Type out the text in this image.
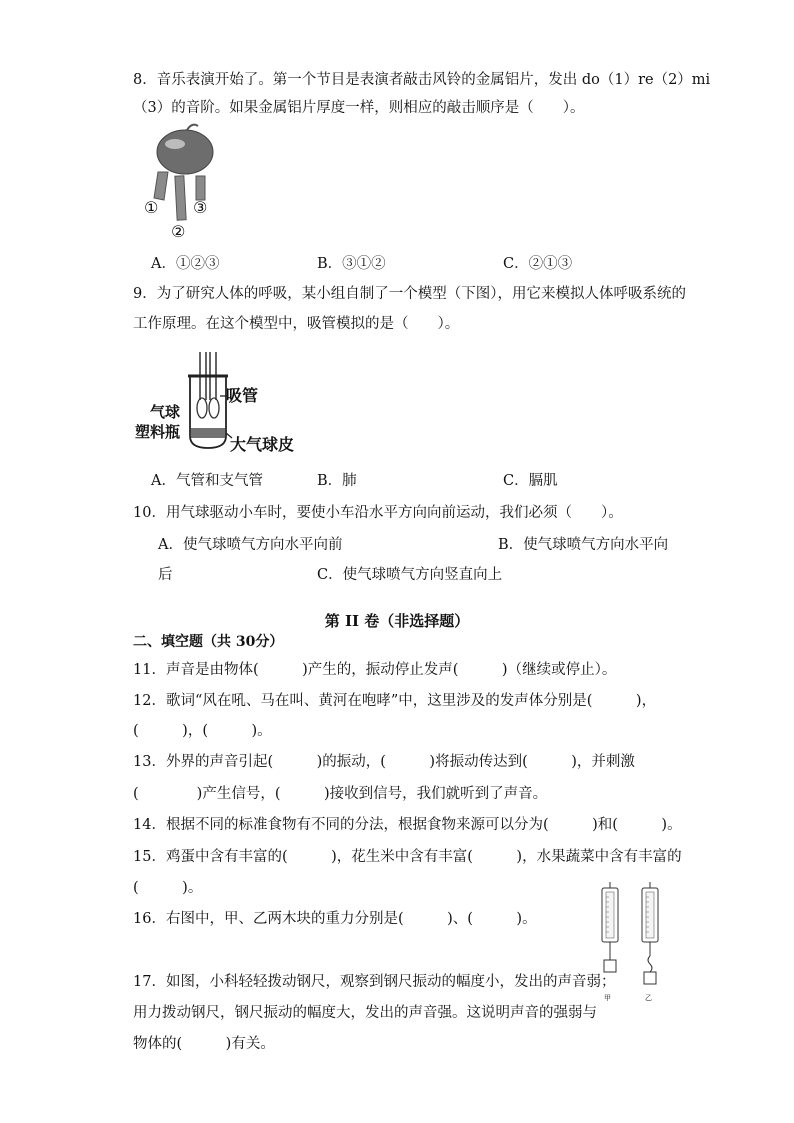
8．音乐表演开始了。第一个节目是表演者敲击风铃的金属铝片，发出 do（1）re（2）mi
（3）的音阶。如果金属铝片厚度一样，则相应的敲击顺序是（　　）。
① ③
②
A．①②③	B．③①②	C．②①③
9．为了研究人体的呼吸，某小组自制了一个模型（下图），用它来模拟人体呼吸系统的
工作原理。在这个模型中，吸管模拟的是（　　）。
吸管
气球
塑料瓶
大气球皮
A．气管和支气管	B．肺	C．膈肌
10．用气球驱动小车时，要使小车沿水平方向向前运动，我们必须（　　）。
A．使气球喷气方向水平向前	B．使气球喷气方向水平向
后	C．使气球喷气方向竖直向上
第 II 卷（非选择题）
二、填空题（共 30分）
11．声音是由物体(　　　)产生的，振动停止发声(　　　)（继续或停止）。
12．歌词“风在吼、马在叫、黄河在咆哮”中，这里涉及的发声体分别是(　　　)，
(　　　)，(　　　)。
13．外界的声音引起(　　　)的振动，(　　　)将振动传达到(　　　)，并刺激
(　　　　)产生信号，(　　　)接收到信号，我们就听到了声音。
14．根据不同的标准食物有不同的分法，根据食物来源可以分为(　　　)和(　　　)。
15．鸡蛋中含有丰富的(　　　)，花生米中含有丰富(　　　)，水果蔬菜中含有丰富的
(　　　)。
16．右图中，甲、乙两木块的重力分别是(　　　)、(　　　)。
甲	乙
17．如图，小科轻轻拨动钢尺，观察到钢尺振动的幅度小，发出的声音弱；
用力拨动钢尺，钢尺振动的幅度大，发出的声音强。这说明声音的强弱与
物体的(　　　)有关。
